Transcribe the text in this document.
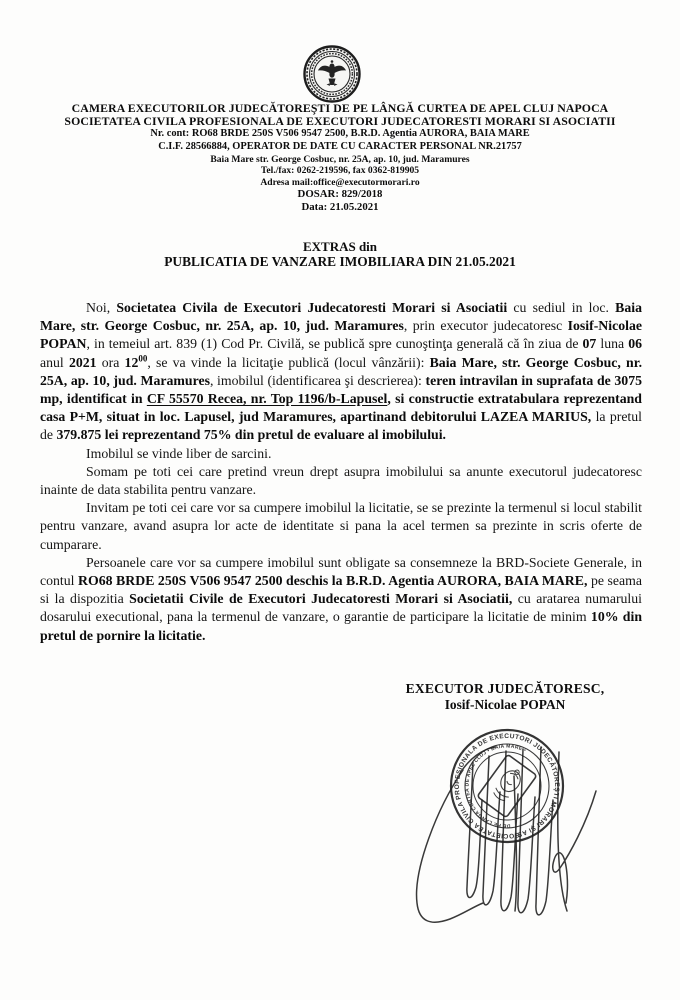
CAMERA EXECUTORILOR JUDECĂTOREŞTI DE PE LÂNGĂ CURTEA DE APEL CLUJ NAPOCA
SOCIETATEA CIVILA PROFESIONALA DE EXECUTORI JUDECATORESTI MORARI SI ASOCIATII
Nr. cont: RO68 BRDE 250S V506 9547 2500, B.R.D. Agentia AURORA, BAIA MARE
C.I.F. 28566884, OPERATOR DE DATE CU CARACTER PERSONAL NR.21757
Baia Mare str. George Cosbuc, nr. 25A, ap. 10, jud. Maramures
Tel./fax: 0262-219596, fax 0362-819905
Adresa mail:office@executormorari.ro
DOSAR: 829/2018
Data: 21.05.2021
EXTRAS din
PUBLICATIA DE VANZARE IMOBILIARA DIN 21.05.2021

Noi, Societatea Civila de Executori Judecatoresti Morari si Asociatii cu sediul in loc. Baia Mare, str. George Cosbuc, nr. 25A, ap. 10, jud. Maramures, prin executor judecatoresc Iosif-Nicolae POPAN, in temeiul art. 839 (1) Cod Pr. Civilă, se publică spre cunoştinţa generală că în ziua de 07 luna 06 anul 2021 ora $12^{00}$, se va vinde la licitaţie publică (locul vânzării): Baia Mare, str. George Cosbuc, nr. 25A, ap. 10, jud. Maramures, imobilul (identificarea şi descrierea): teren intravilan in suprafata de 3075 mp, identificat in CF 55570 Recea, nr. Top 1196/b-Lapusel, si constructie extratabulara reprezentand casa P+M, situat in loc. Lapusel, jud Maramures, apartinand debitorului LAZEA MARIUS, la pretul de 379.875 lei reprezentand 75% din pretul de evaluare al imobilului.

Imobilul se vinde liber de sarcini.

Somam pe toti cei care pretind vreun drept asupra imobilului sa anunte executorul judecatoresc inainte de data stabilita pentru vanzare.

Invitam pe toti cei care vor sa cumpere imobilul la licitatie, se se prezinte la termenul si locul stabilit pentru vanzare, avand asupra lor acte de identitate si pana la acel termen sa prezinte in scris oferte de cumparare.

Persoanele care vor sa cumpere imobilul sunt obligate sa consemneze la BRD-Societe Generale, in contul RO68 BRDE 250S V506 9547 2500 deschis la B.R.D. Agentia AURORA, BAIA MARE, pe seama si la dispozitia Societatii Civile de Executori Judecatoresti Morari si Asociatii, cu aratarea numarului dosarului executional, pana la termenul de vanzare, o garantie de participare la licitatie de minim 10% din pretul de pornire la licitatie.

EXECUTOR JUDECĂTORESC,
Iosif-Nicolae POPAN
SOCIETATEA CIVILA PROFESIONALA DE EXECUTORI JUDECĂTOREŞTI MORARI ŞI ASOCIAŢII ●
DE PE LANGA CURTEA DE APEL CLUJ • BAIA MARE •
